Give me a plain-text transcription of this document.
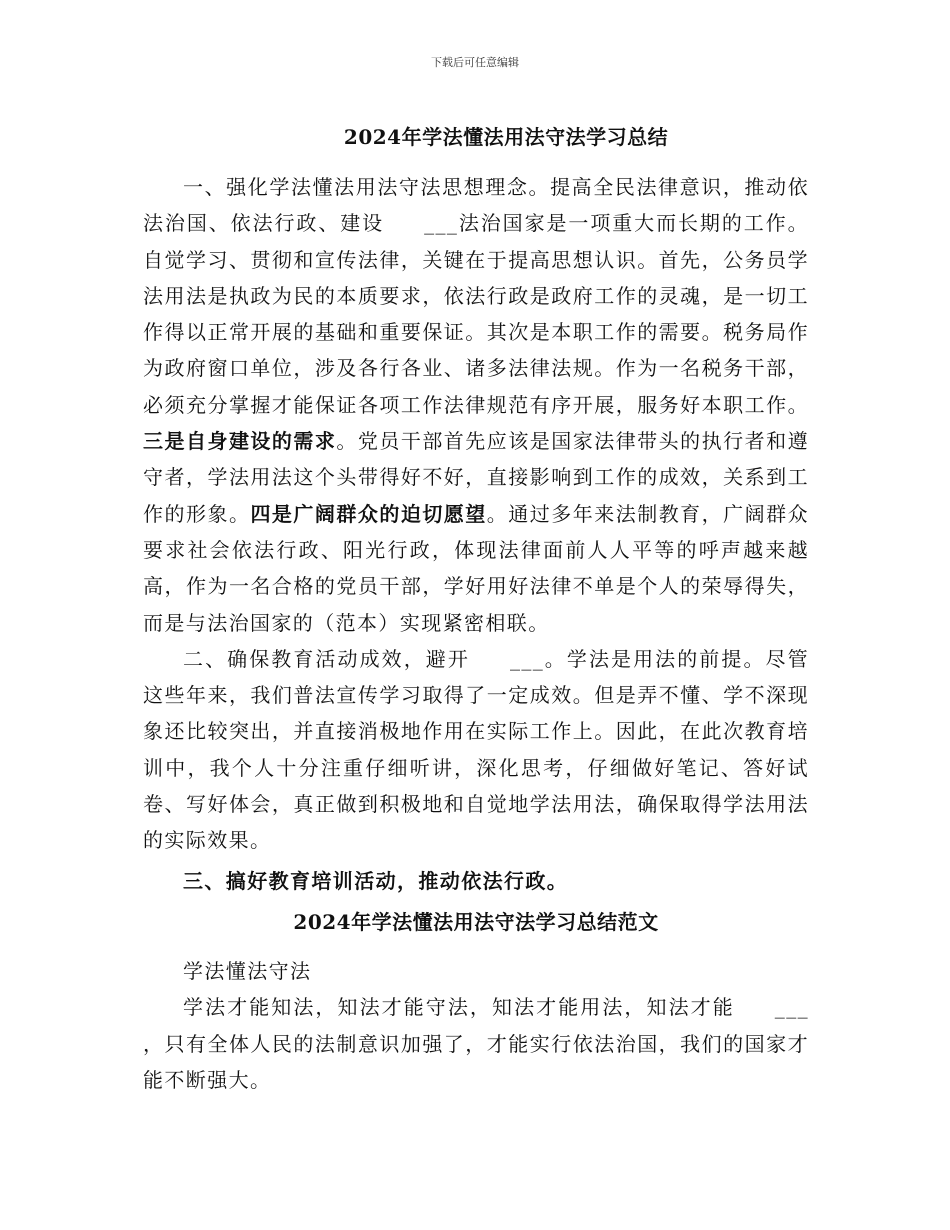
下载后可任意编辑
2024年学法懂法用法守法学习总结

一、强化学法懂法用法守法思想理念。提高全民法律意识，推动依法治国、依法行政、建设 ___法治国家是一项重大而长期的工作。自觉学习、贯彻和宣传法律，关键在于提高思想认识。首先，公务员学法用法是执政为民的本质要求，依法行政是政府工作的灵魂，是一切工作得以正常开展的基础和重要保证。其次是本职工作的需要。税务局作为政府窗口单位，涉及各行各业、诸多法律法规。作为一名税务干部，必须充分掌握才能保证各项工作法律规范有序开展，服务好本职工作。三是自身建设的需求。党员干部首先应该是国家法律带头的执行者和遵守者，学法用法这个头带得好不好，直接影响到工作的成效，关系到工作的形象。四是广阔群众的迫切愿望。通过多年来法制教育，广阔群众要求社会依法行政、阳光行政，体现法律面前人人平等的呼声越来越高，作为一名合格的党员干部，学好用好法律不单是个人的荣辱得失，而是与法治国家的（范本）实现紧密相联。

二、确保教育活动成效，避开 ___。学法是用法的前提。尽管这些年来，我们普法宣传学习取得了一定成效。但是弄不懂、学不深现象还比较突出，并直接消极地作用在实际工作上。因此，在此次教育培训中，我个人十分注重仔细听讲，深化思考，仔细做好笔记、答好试卷、写好体会，真正做到积极地和自觉地学法用法，确保取得学法用法的实际效果。

三、搞好教育培训活动，推动依法行政。

2024年学法懂法用法守法学习总结范文

学法懂法守法

学法才能知法，知法才能守法，知法才能用法，知法才能 ___，只有全体人民的法制意识加强了，才能实行依法治国，我们的国家才能不断强大。
